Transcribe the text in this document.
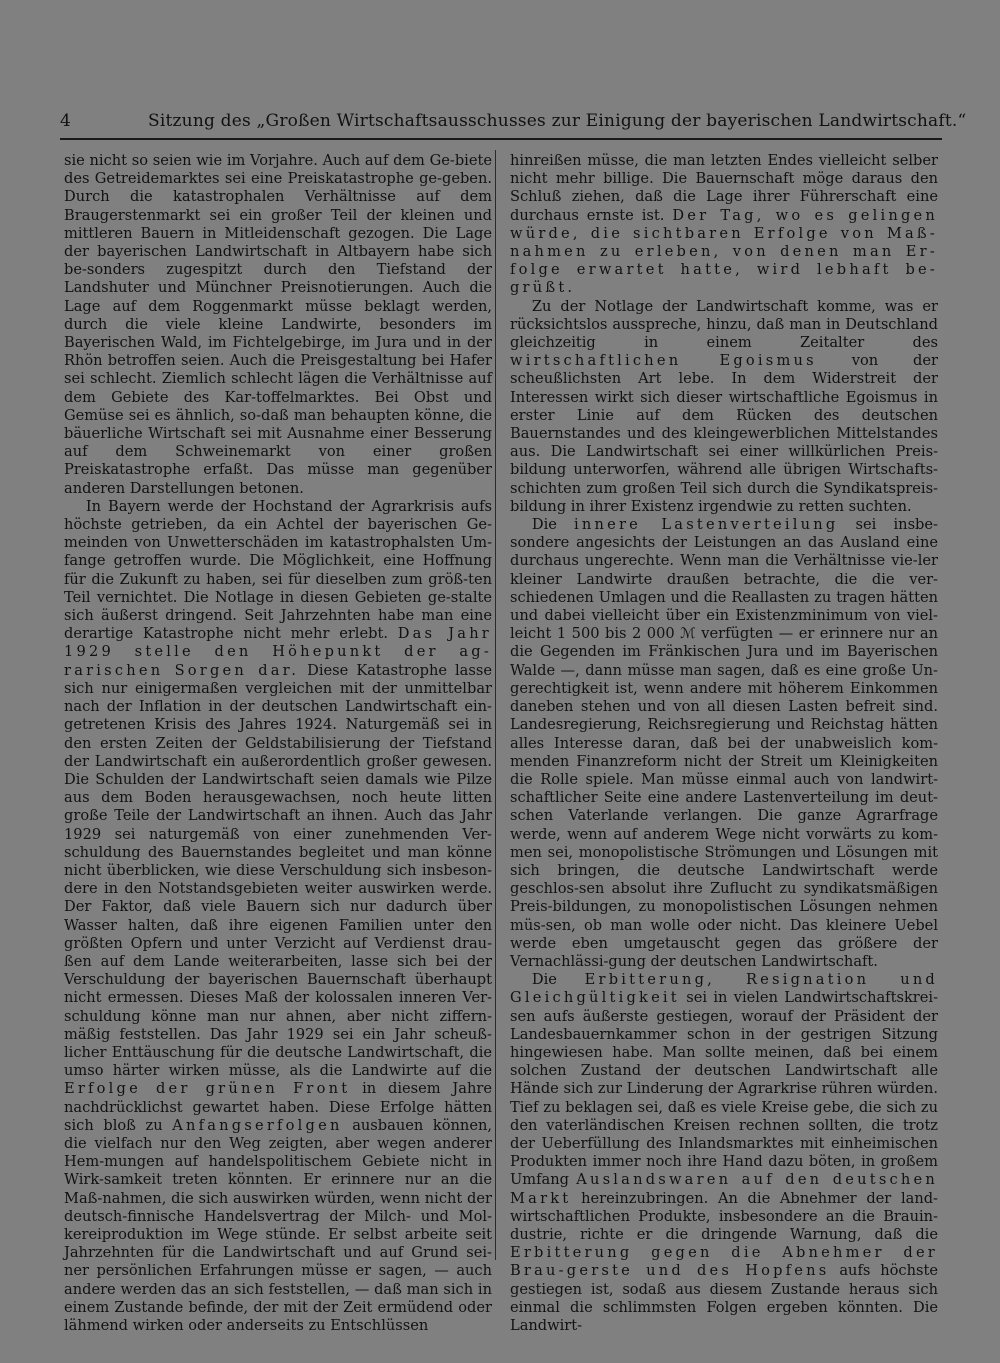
4	Sitzung des „Großen Wirtschaftsausschusses zur Einigung der bayerischen Landwirtschaft.“

sie nicht so seien wie im Vorjahre. Auch auf dem Ge-biete des Getreidemarktes sei eine Preiskatastrophe ge-geben. Durch die katastrophalen Verhältnisse auf dem Braugerstenmarkt sei ein großer Teil der kleinen und mittleren Bauern in Mitleidenschaft gezogen. Die Lage der bayerischen Landwirtschaft in Altbayern habe sich be-sonders zugespitzt durch den Tiefstand der Landshuter und Münchner Preisnotierungen. Auch die Lage auf dem Roggenmarkt müsse beklagt werden, durch die viele kleine Landwirte, besonders im Bayerischen Wald, im Fichtelgebirge, im Jura und in der Rhön betroffen seien. Auch die Preisgestaltung bei Hafer sei schlecht. Ziemlich schlecht lägen die Verhältnisse auf dem Gebiete des Kar-toffelmarktes. Bei Obst und Gemüse sei es ähnlich, so-daß man behaupten könne, die bäuerliche Wirtschaft sei mit Ausnahme einer Besserung auf dem Schweinemarkt von einer großen Preiskatastrophe erfaßt. Das müsse man gegenüber anderen Darstellungen betonen.

In Bayern werde der Hochstand der Agrarkrisis aufs höchste getrieben, da ein Achtel der bayerischen Ge-meinden von Unwetterschäden im katastrophalsten Um-fange getroffen wurde. Die Möglichkeit, eine Hoffnung für die Zukunft zu haben, sei für dieselben zum größ-ten Teil vernichtet. Die Notlage in diesen Gebieten ge-stalte sich äußerst dringend. Seit Jahrzehnten habe man eine derartige Katastrophe nicht mehr erlebt. Das Jahr 1929 stelle den Höhepunkt der ag-rarischen Sorgen dar. Diese Katastrophe lasse sich nur einigermaßen vergleichen mit der unmittelbar nach der Inflation in der deutschen Landwirtschaft ein-getretenen Krisis des Jahres 1924. Naturgemäß sei in den ersten Zeiten der Geldstabilisierung der Tiefstand der Landwirtschaft ein außerordentlich großer gewesen. Die Schulden der Landwirtschaft seien damals wie Pilze aus dem Boden herausgewachsen, noch heute litten große Teile der Landwirtschaft an ihnen. Auch das Jahr 1929 sei naturgemäß von einer zunehmenden Ver-schuldung des Bauernstandes begleitet und man könne nicht überblicken, wie diese Verschuldung sich insbeson-dere in den Notstandsgebieten weiter auswirken werde. Der Faktor, daß viele Bauern sich nur dadurch über Wasser halten, daß ihre eigenen Familien unter den größten Opfern und unter Verzicht auf Verdienst drau-ßen auf dem Lande weiterarbeiten, lasse sich bei der Verschuldung der bayerischen Bauernschaft überhaupt nicht ermessen. Dieses Maß der kolossalen inneren Ver-schuldung könne man nur ahnen, aber nicht ziffern-mäßig feststellen. Das Jahr 1929 sei ein Jahr scheuß-licher Enttäuschung für die deutsche Landwirtschaft, die umso härter wirken müsse, als die Landwirte auf die Erfolge der grünen Front in diesem Jahre nachdrücklichst gewartet haben. Diese Erfolge hätten sich bloß zu Anfangserfolgen ausbauen können, die vielfach nur den Weg zeigten, aber wegen anderer Hem-mungen auf handelspolitischem Gebiete nicht in Wirk-samkeit treten könnten. Er erinnere nur an die Maß-nahmen, die sich auswirken würden, wenn nicht der deutsch-finnische Handelsvertrag der Milch- und Mol-kereiproduktion im Wege stünde. Er selbst arbeite seit Jahrzehnten für die Landwirtschaft und auf Grund sei-ner persönlichen Erfahrungen müsse er sagen, — auch andere werden das an sich feststellen, — daß man sich in einem Zustande befinde, der mit der Zeit ermüdend oder lähmend wirken oder anderseits zu Entschlüssen

hinreißen müsse, die man letzten Endes vielleicht selber nicht mehr billige. Die Bauernschaft möge daraus den Schluß ziehen, daß die Lage ihrer Führerschaft eine durchaus ernste ist. Der Tag, wo es gelingen würde, die sichtbaren Erfolge von Maß-nahmen zu erleben, von denen man Er-folge erwartet hatte, wird lebhaft be-grüßt.

Zu der Notlage der Landwirtschaft komme, was er rücksichtslos ausspreche, hinzu, daß man in Deutschland gleichzeitig in einem Zeitalter des wirtschaftlichen Egoismus von der scheußlichsten Art lebe. In dem Widerstreit der Interessen wirkt sich dieser wirtschaftliche Egoismus in erster Linie auf dem Rücken des deutschen Bauernstandes und des kleingewerblichen Mittelstandes aus. Die Landwirtschaft sei einer willkürlichen Preis-bildung unterworfen, während alle übrigen Wirtschafts-schichten zum großen Teil sich durch die Syndikatspreis-bildung in ihrer Existenz irgendwie zu retten suchten.

Die innere Lastenverteilung sei insbe-sondere angesichts der Leistungen an das Ausland eine durchaus ungerechte. Wenn man die Verhältnisse vie-ler kleiner Landwirte draußen betrachte, die die ver-schiedenen Umlagen und die Reallasten zu tragen hätten und dabei vielleicht über ein Existenzminimum von viel-leicht 1 500 bis 2 000 ℳ verfügten — er erinnere nur an die Gegenden im Fränkischen Jura und im Bayerischen Walde —, dann müsse man sagen, daß es eine große Un-gerechtigkeit ist, wenn andere mit höherem Einkommen daneben stehen und von all diesen Lasten befreit sind. Landesregierung, Reichsregierung und Reichstag hätten alles Interesse daran, daß bei der unabweislich kom-menden Finanzreform nicht der Streit um Kleinigkeiten die Rolle spiele. Man müsse einmal auch von landwirt-schaftlicher Seite eine andere Lastenverteilung im deut-schen Vaterlande verlangen. Die ganze Agrarfrage werde, wenn auf anderem Wege nicht vorwärts zu kom-men sei, monopolistische Strömungen und Lösungen mit sich bringen, die deutsche Landwirtschaft werde geschlos-sen absolut ihre Zuflucht zu syndikatsmäßigen Preis-bildungen, zu monopolistischen Lösungen nehmen müs-sen, ob man wolle oder nicht. Das kleinere Uebel werde eben umgetauscht gegen das größere der Vernachlässi-gung der deutschen Landwirtschaft.

Die Erbitterung, Resignation und Gleichgültigkeit sei in vielen Landwirtschaftskrei-sen aufs äußerste gestiegen, worauf der Präsident der Landesbauernkammer schon in der gestrigen Sitzung hingewiesen habe. Man sollte meinen, daß bei einem solchen Zustand der deutschen Landwirtschaft alle Hände sich zur Linderung der Agrarkrise rühren würden. Tief zu beklagen sei, daß es viele Kreise gebe, die sich zu den vaterländischen Kreisen rechnen sollten, die trotz der Ueberfüllung des Inlandsmarktes mit einheimischen Produkten immer noch ihre Hand dazu böten, in großem Umfang Auslandswaren auf den deutschen Markt hereinzubringen. An die Abnehmer der land-wirtschaftlichen Produkte, insbesondere an die Brauin-dustrie, richte er die dringende Warnung, daß die Erbitterung gegen die Abnehmer der Brau-gerste und des Hopfens aufs höchste gestiegen ist, sodaß aus diesem Zustande heraus sich einmal die schlimmsten Folgen ergeben könnten. Die Landwirt-
